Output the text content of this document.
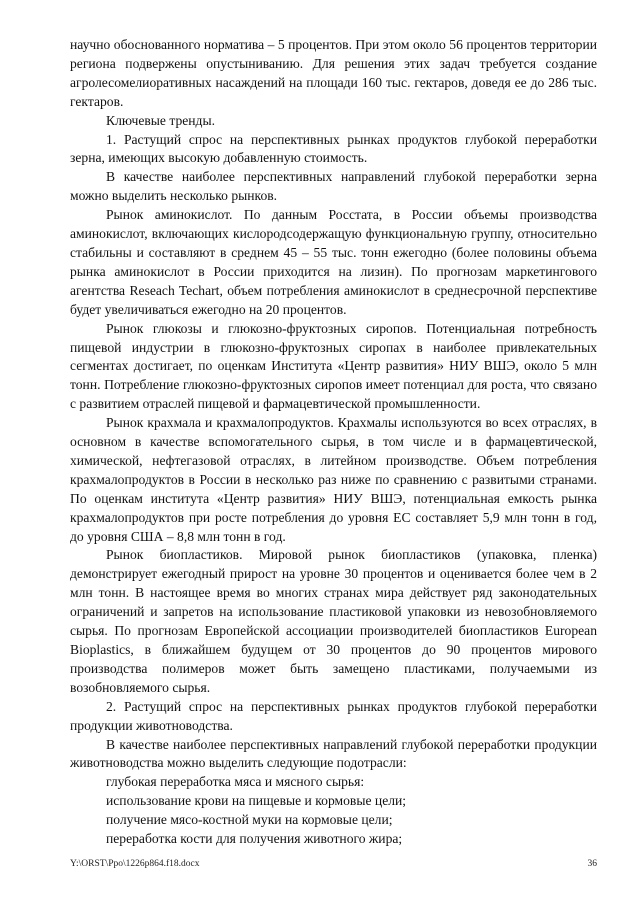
научно обоснованного норматива – 5 процентов. При этом около 56 процентов территории региона подвержены опустыниванию. Для решения этих задач требуется создание агролесомелиоративных насаждений на площади 160 тыс. гектаров, доведя ее до 286 тыс. гектаров.

Ключевые тренды.

1. Растущий спрос на перспективных рынках продуктов глубокой переработки зерна, имеющих высокую добавленную стоимость.

В качестве наиболее перспективных направлений глубокой переработки зерна можно выделить несколько рынков.

Рынок аминокислот. По данным Росстата, в России объемы производства аминокислот, включающих кислородсодержащую функциональную группу, относительно стабильны и составляют в среднем 45 – 55 тыс. тонн ежегодно (более половины объема рынка аминокислот в России приходится на лизин). По прогнозам маркетингового агентства Reseach Techart, объем потребления аминокислот в среднесрочной перспективе будет увеличиваться ежегодно на 20 процентов.

Рынок глюкозы и глюкозно-фруктозных сиропов. Потенциальная потребность пищевой индустрии в глюкозно-фруктозных сиропах в наиболее привлекательных сегментах достигает, по оценкам Института «Центр развития» НИУ ВШЭ, около 5 млн тонн. Потребление глюкозно-фруктозных сиропов имеет потенциал для роста, что связано с развитием отраслей пищевой и фармацевтической промышленности.

Рынок крахмала и крахмалопродуктов. Крахмалы используются во всех отраслях, в основном в качестве вспомогательного сырья, в том числе и в фармацевтической, химической, нефтегазовой отраслях, в литейном производстве. Объем потребления крахмалопродуктов в России в несколько раз ниже по сравнению с развитыми странами. По оценкам института «Центр развития» НИУ ВШЭ, потенциальная емкость рынка крахмалопродуктов при росте потребления до уровня ЕС составляет 5,9 млн тонн в год, до уровня США – 8,8 млн тонн в год.

Рынок биопластиков. Мировой рынок биопластиков (упаковка, пленка) демонстрирует ежегодный прирост на уровне 30 процентов и оценивается более чем в 2 млн тонн. В настоящее время во многих странах мира действует ряд законодательных ограничений и запретов на использование пластиковой упаковки из невозобновляемого сырья. По прогнозам Европейской ассоциации производителей биопластиков European Bioplastics, в ближайшем будущем от 30 процентов до 90 процентов мирового производства полимеров может быть замещено пластиками, получаемыми из возобновляемого сырья.

2. Растущий спрос на перспективных рынках продуктов глубокой переработки продукции животноводства.

В качестве наиболее перспективных направлений глубокой переработки продукции животноводства можно выделить следующие подотрасли:

глубокая переработка мяса и мясного сырья:

использование крови на пищевые и кормовые цели;

получение мясо-костной муки на кормовые цели;

переработка кости для получения животного жира;

Y:\ORST\Ppo\1226p864.f18.docx	36
